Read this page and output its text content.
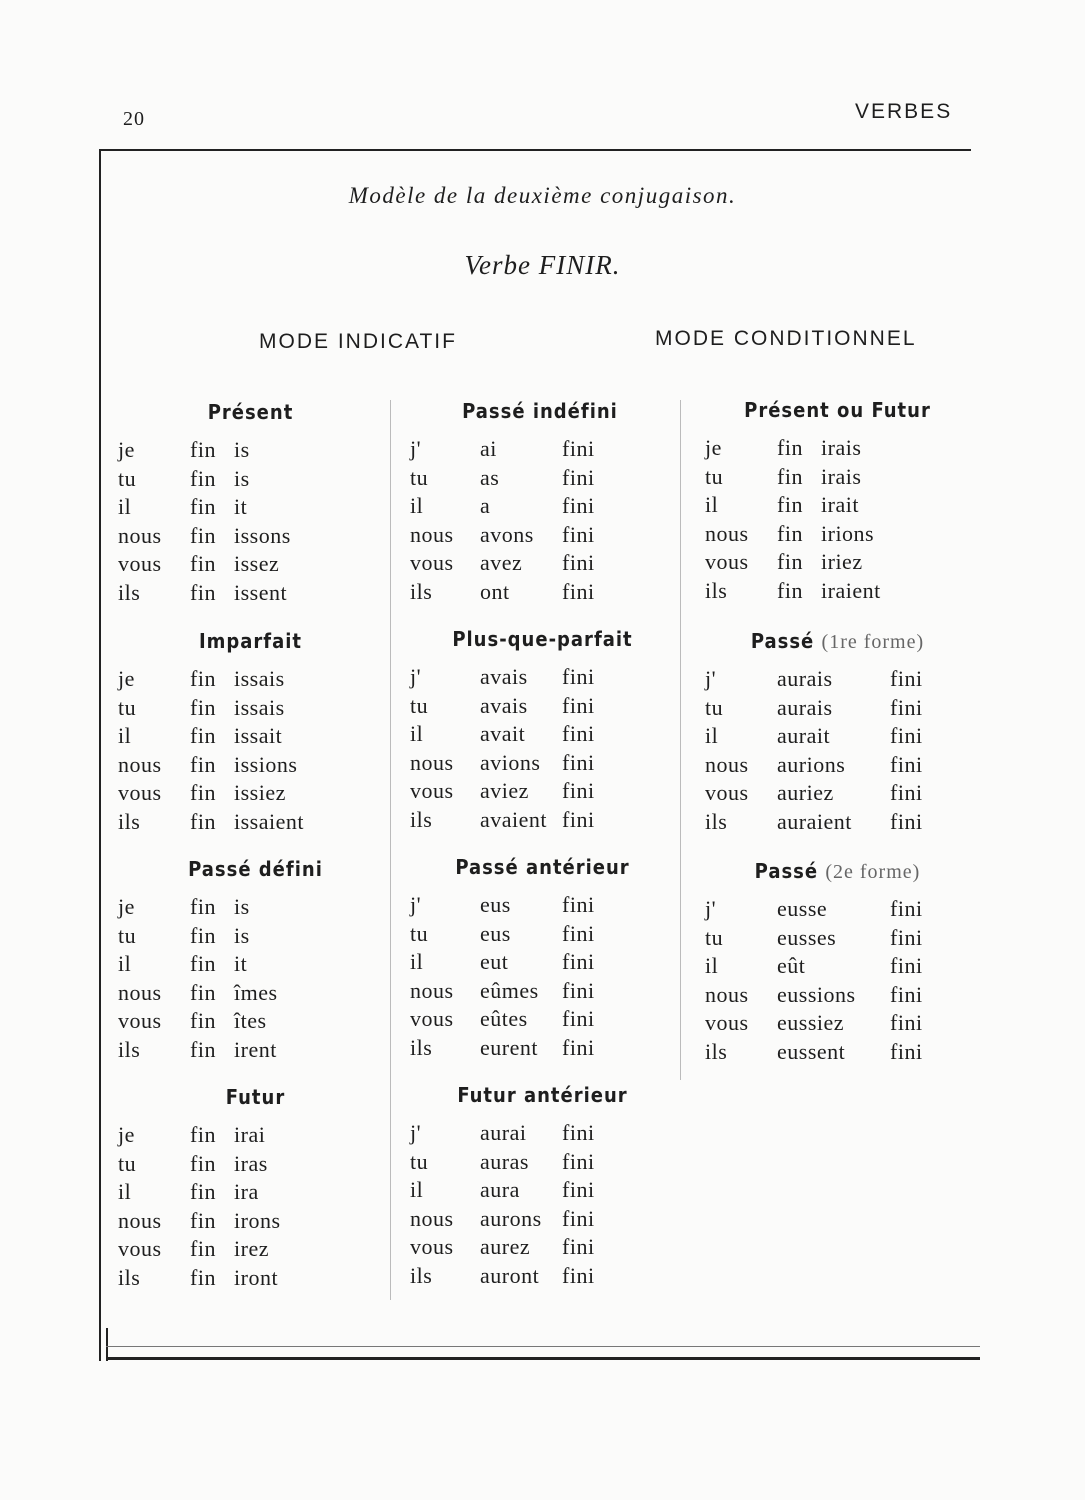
20	VERBES
Modèle de la deuxième conjugaison.
Verbe FINIR.
MODE INDICATIF	MODE CONDITIONNEL
Présent
je	fin is
tu fin is
il	fin it
nous fin issons
vous fin issez
ils fin issent
Imparfait
je	fin issais
tu fin issais
il	fin issait
nous fin issions
vous fin issiez
ils fin issaient
Passé défini
je	fin is
tu fin is
il	fin it
nous fin îmes
vous fin îtes
ils fin irent
Futur
je	fin irai
tu fin iras
il	fin ira
nous fin irons
vous fin irez
ils fin iront
Passé indéfini
j'	ai	fini
tu as	fini
il	a	fini
nous avons fini
vous avez fini
ils ont fini
Plus-que-parfait
j'	avais fini
tu avais fini
il	avait fini
nous avions fini
vous aviez fini
ils avaient fini
Passé antérieur
j'	eus fini
tu eus fini
il	eut fini
nous eûmes fini
vous eûtes fini
ils eurent fini
Futur antérieur
j'	aurai fini
tu auras fini
il	aura fini
nous aurons fini
vous aurez fini
ils auront fini
Présent ou Futur
je	fin irais
tu fin irais
il	fin irait
nous fin irions
vous fin iriez
ils fin iraient
Passé (1re forme)
j'	aurais	fini
tu aurais	fini
il	aurait	fini
nous aurions fini
vous auriez	fini
ils auraient fini
Passé (2e forme)
j'	eusse	fini
tu eusses fini
il	eût	fini
nous eussions fini
vous eussiez fini
ils eussent fini
